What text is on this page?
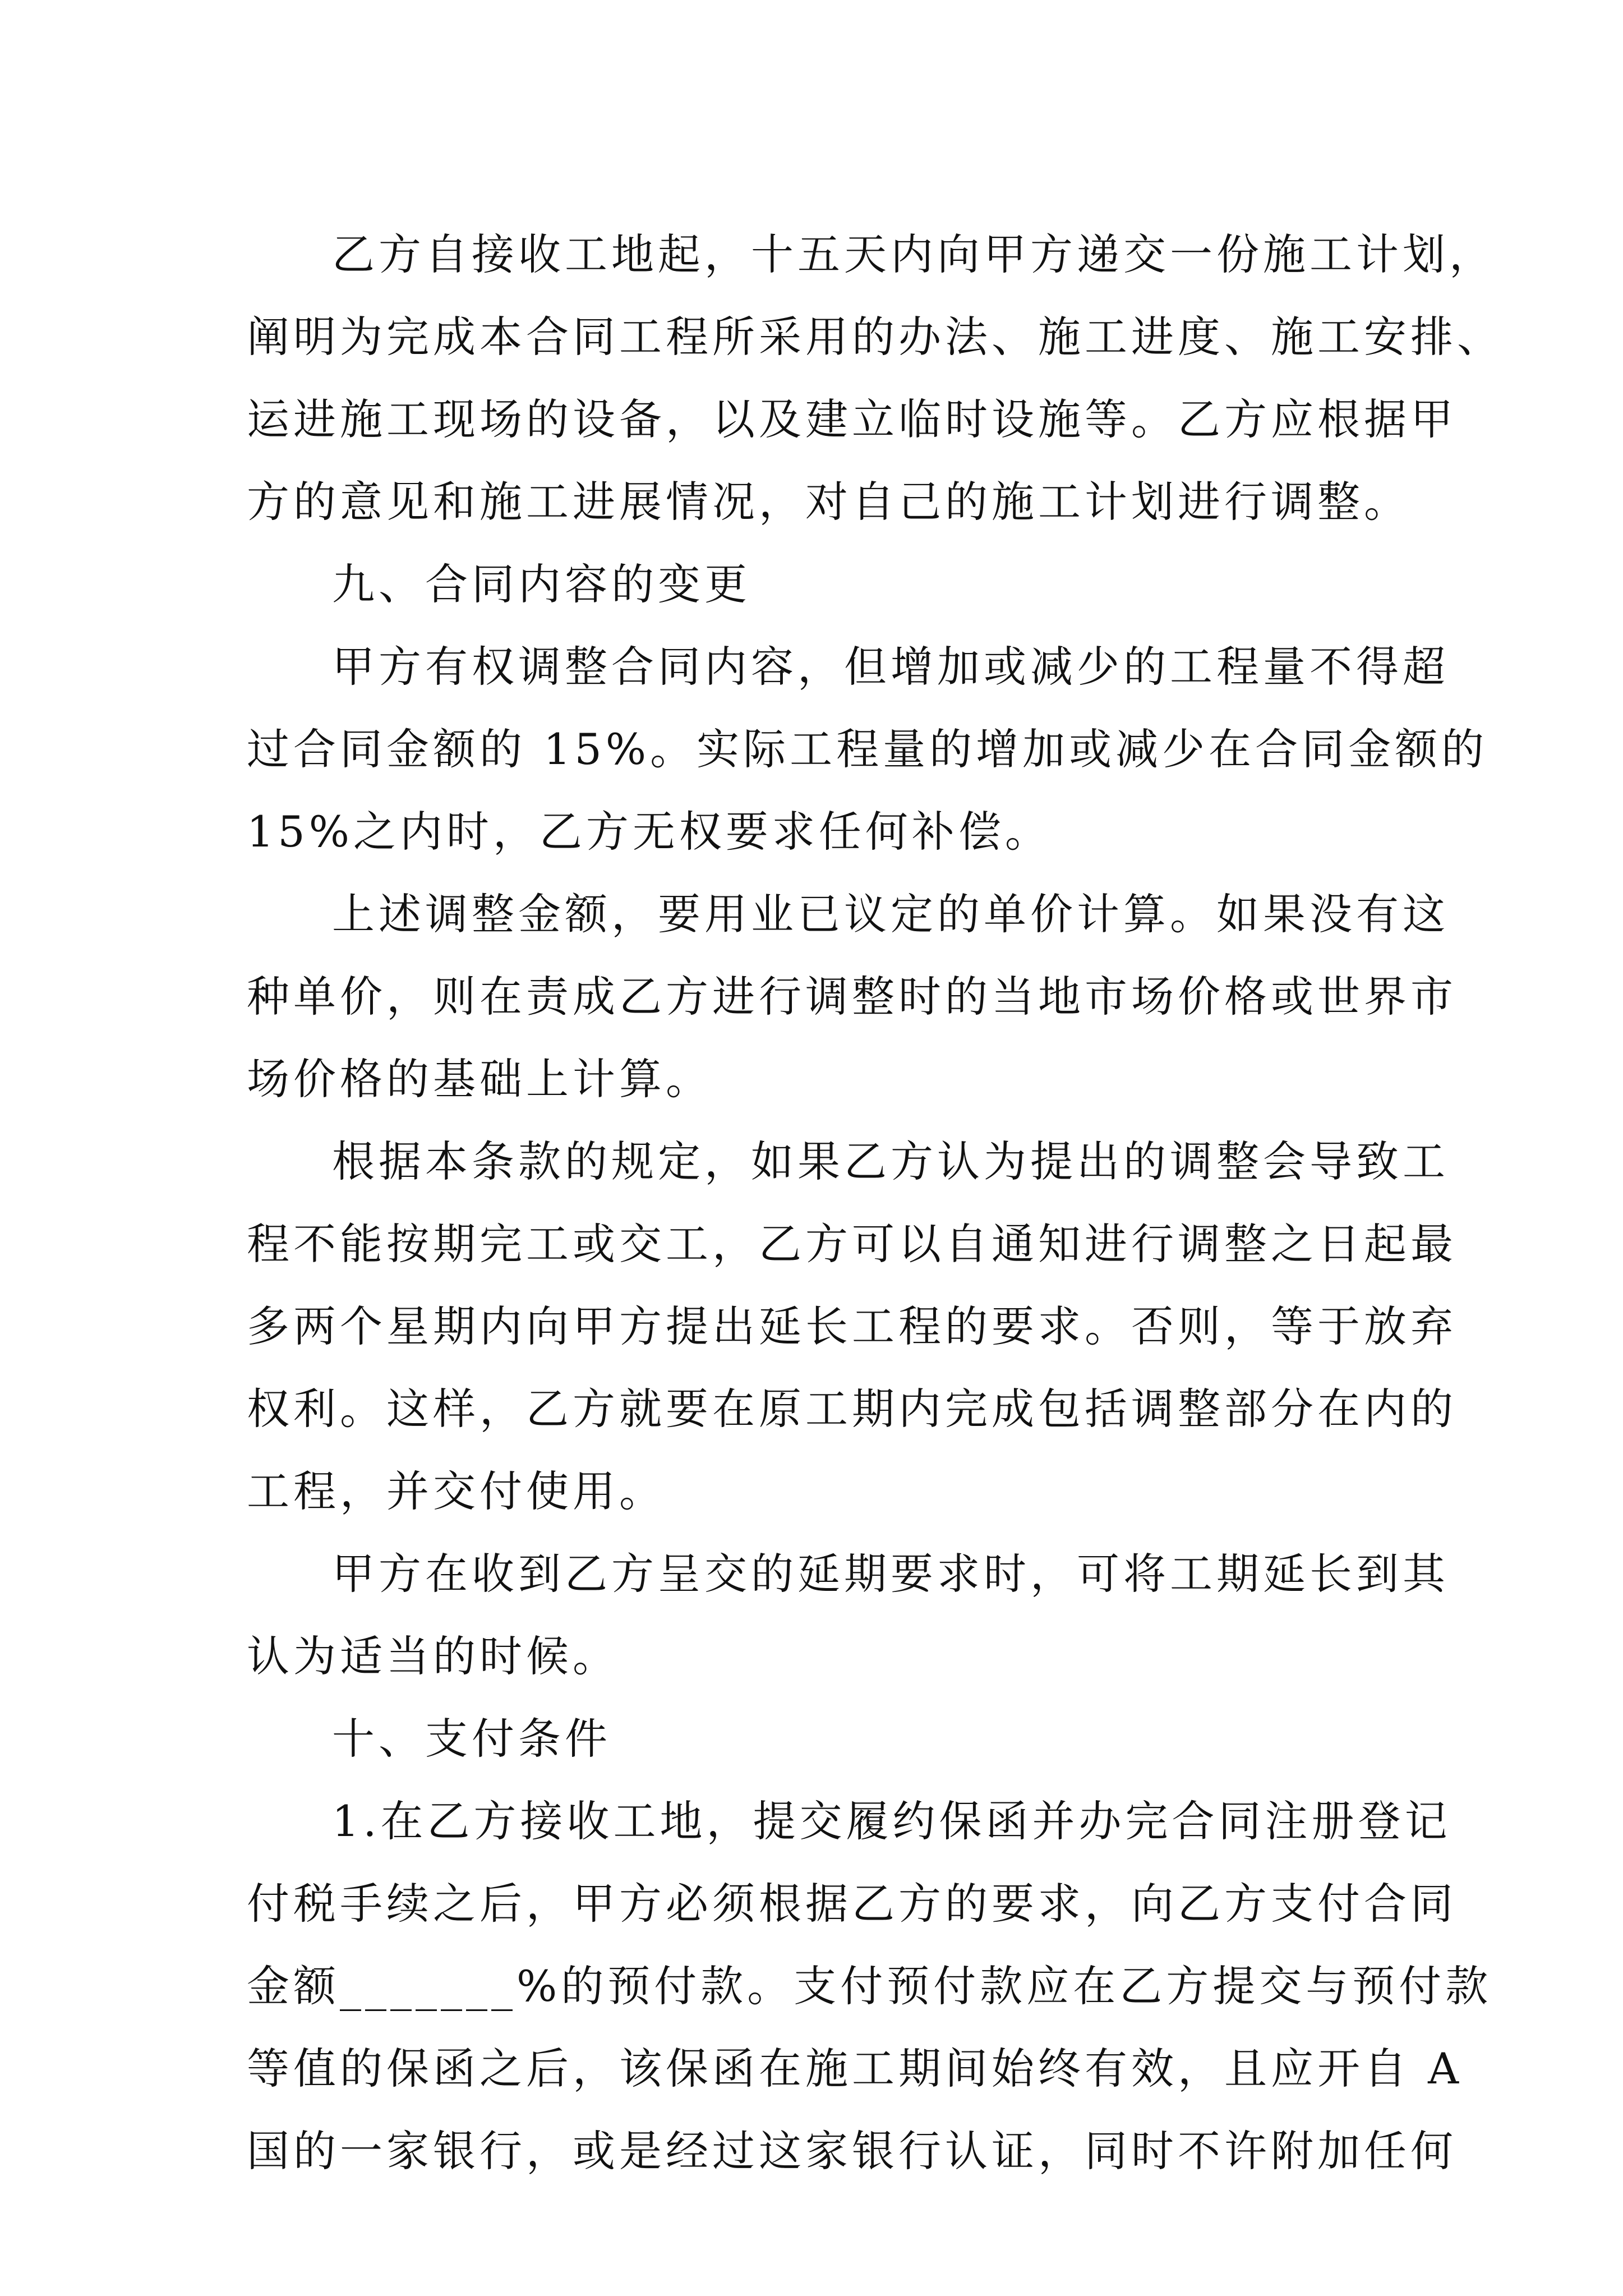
乙方自接收工地起，十五天内向甲方递交一份施工计划，
阐明为完成本合同工程所采用的办法、施工进度、施工安排、
运进施工现场的设备，以及建立临时设施等。乙方应根据甲
方的意见和施工进展情况，对自己的施工计划进行调整。
九、合同内容的变更
甲方有权调整合同内容，但增加或减少的工程量不得超
过合同金额的 15%。实际工程量的增加或减少在合同金额的
15%之内时，乙方无权要求任何补偿。
上述调整金额，要用业已议定的单价计算。如果没有这
种单价，则在责成乙方进行调整时的当地市场价格或世界市
场价格的基础上计算。
根据本条款的规定，如果乙方认为提出的调整会导致工
程不能按期完工或交工，乙方可以自通知进行调整之日起最
多两个星期内向甲方提出延长工程的要求。否则，等于放弃
权利。这样，乙方就要在原工期内完成包括调整部分在内的
工程，并交付使用。
甲方在收到乙方呈交的延期要求时，可将工期延长到其
认为适当的时候。
十、支付条件
1.在乙方接收工地，提交履约保函并办完合同注册登记
付税手续之后，甲方必须根据乙方的要求，向乙方支付合同
金额_______%的预付款。支付预付款应在乙方提交与预付款
等值的保函之后，该保函在施工期间始终有效，且应开自 A
国的一家银行，或是经过这家银行认证，同时不许附加任何
